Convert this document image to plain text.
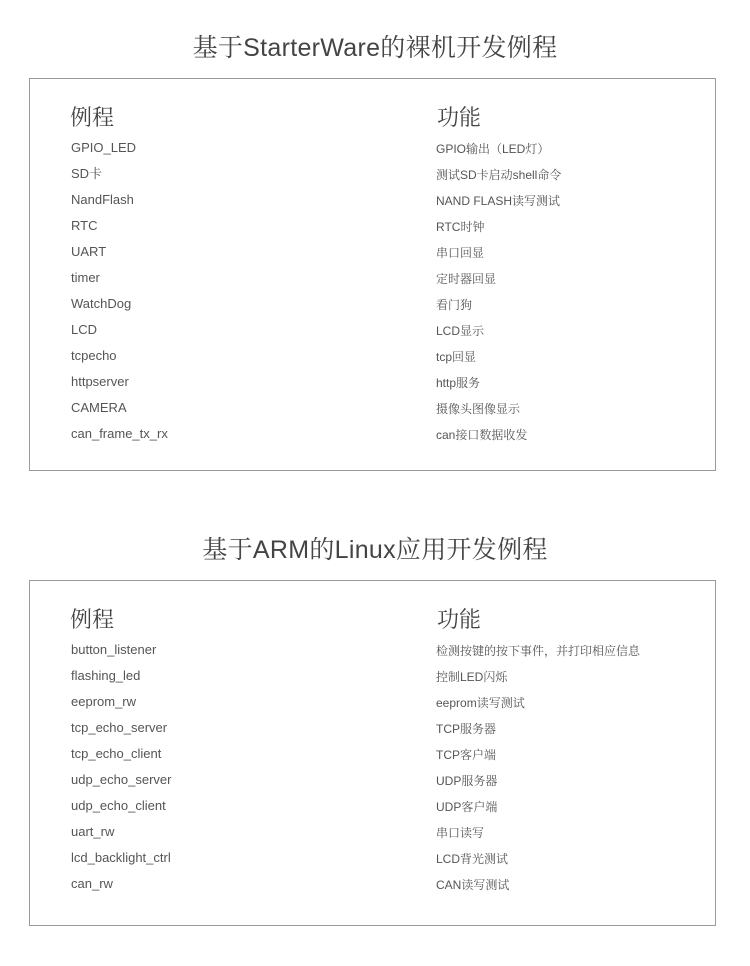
基于StarterWare的裸机开发例程
例程	功能
GPIO_LED	GPIO输出（LED灯）
SD卡	测试SD卡启动shell命令
NandFlash	NAND FLASH读写测试
RTC	RTC时钟
UART	串口回显
timer	定时器回显
WatchDog	看门狗
LCD	LCD显示
tcpecho	tcp回显
httpserver	http服务
CAMERA	摄像头图像显示
can_frame_tx_rx	can接口数据收发
基于ARM的Linux应用开发例程
例程	功能
button_listener	检测按键的按下事件，并打印相应信息
flashing_led	控制LED闪烁
eeprom_rw	eeprom读写测试
tcp_echo_server	TCP服务器
tcp_echo_client	TCP客户端
udp_echo_server	UDP服务器
udp_echo_client	UDP客户端
uart_rw	串口读写
lcd_backlight_ctrl	LCD背光测试
can_rw	CAN读写测试
